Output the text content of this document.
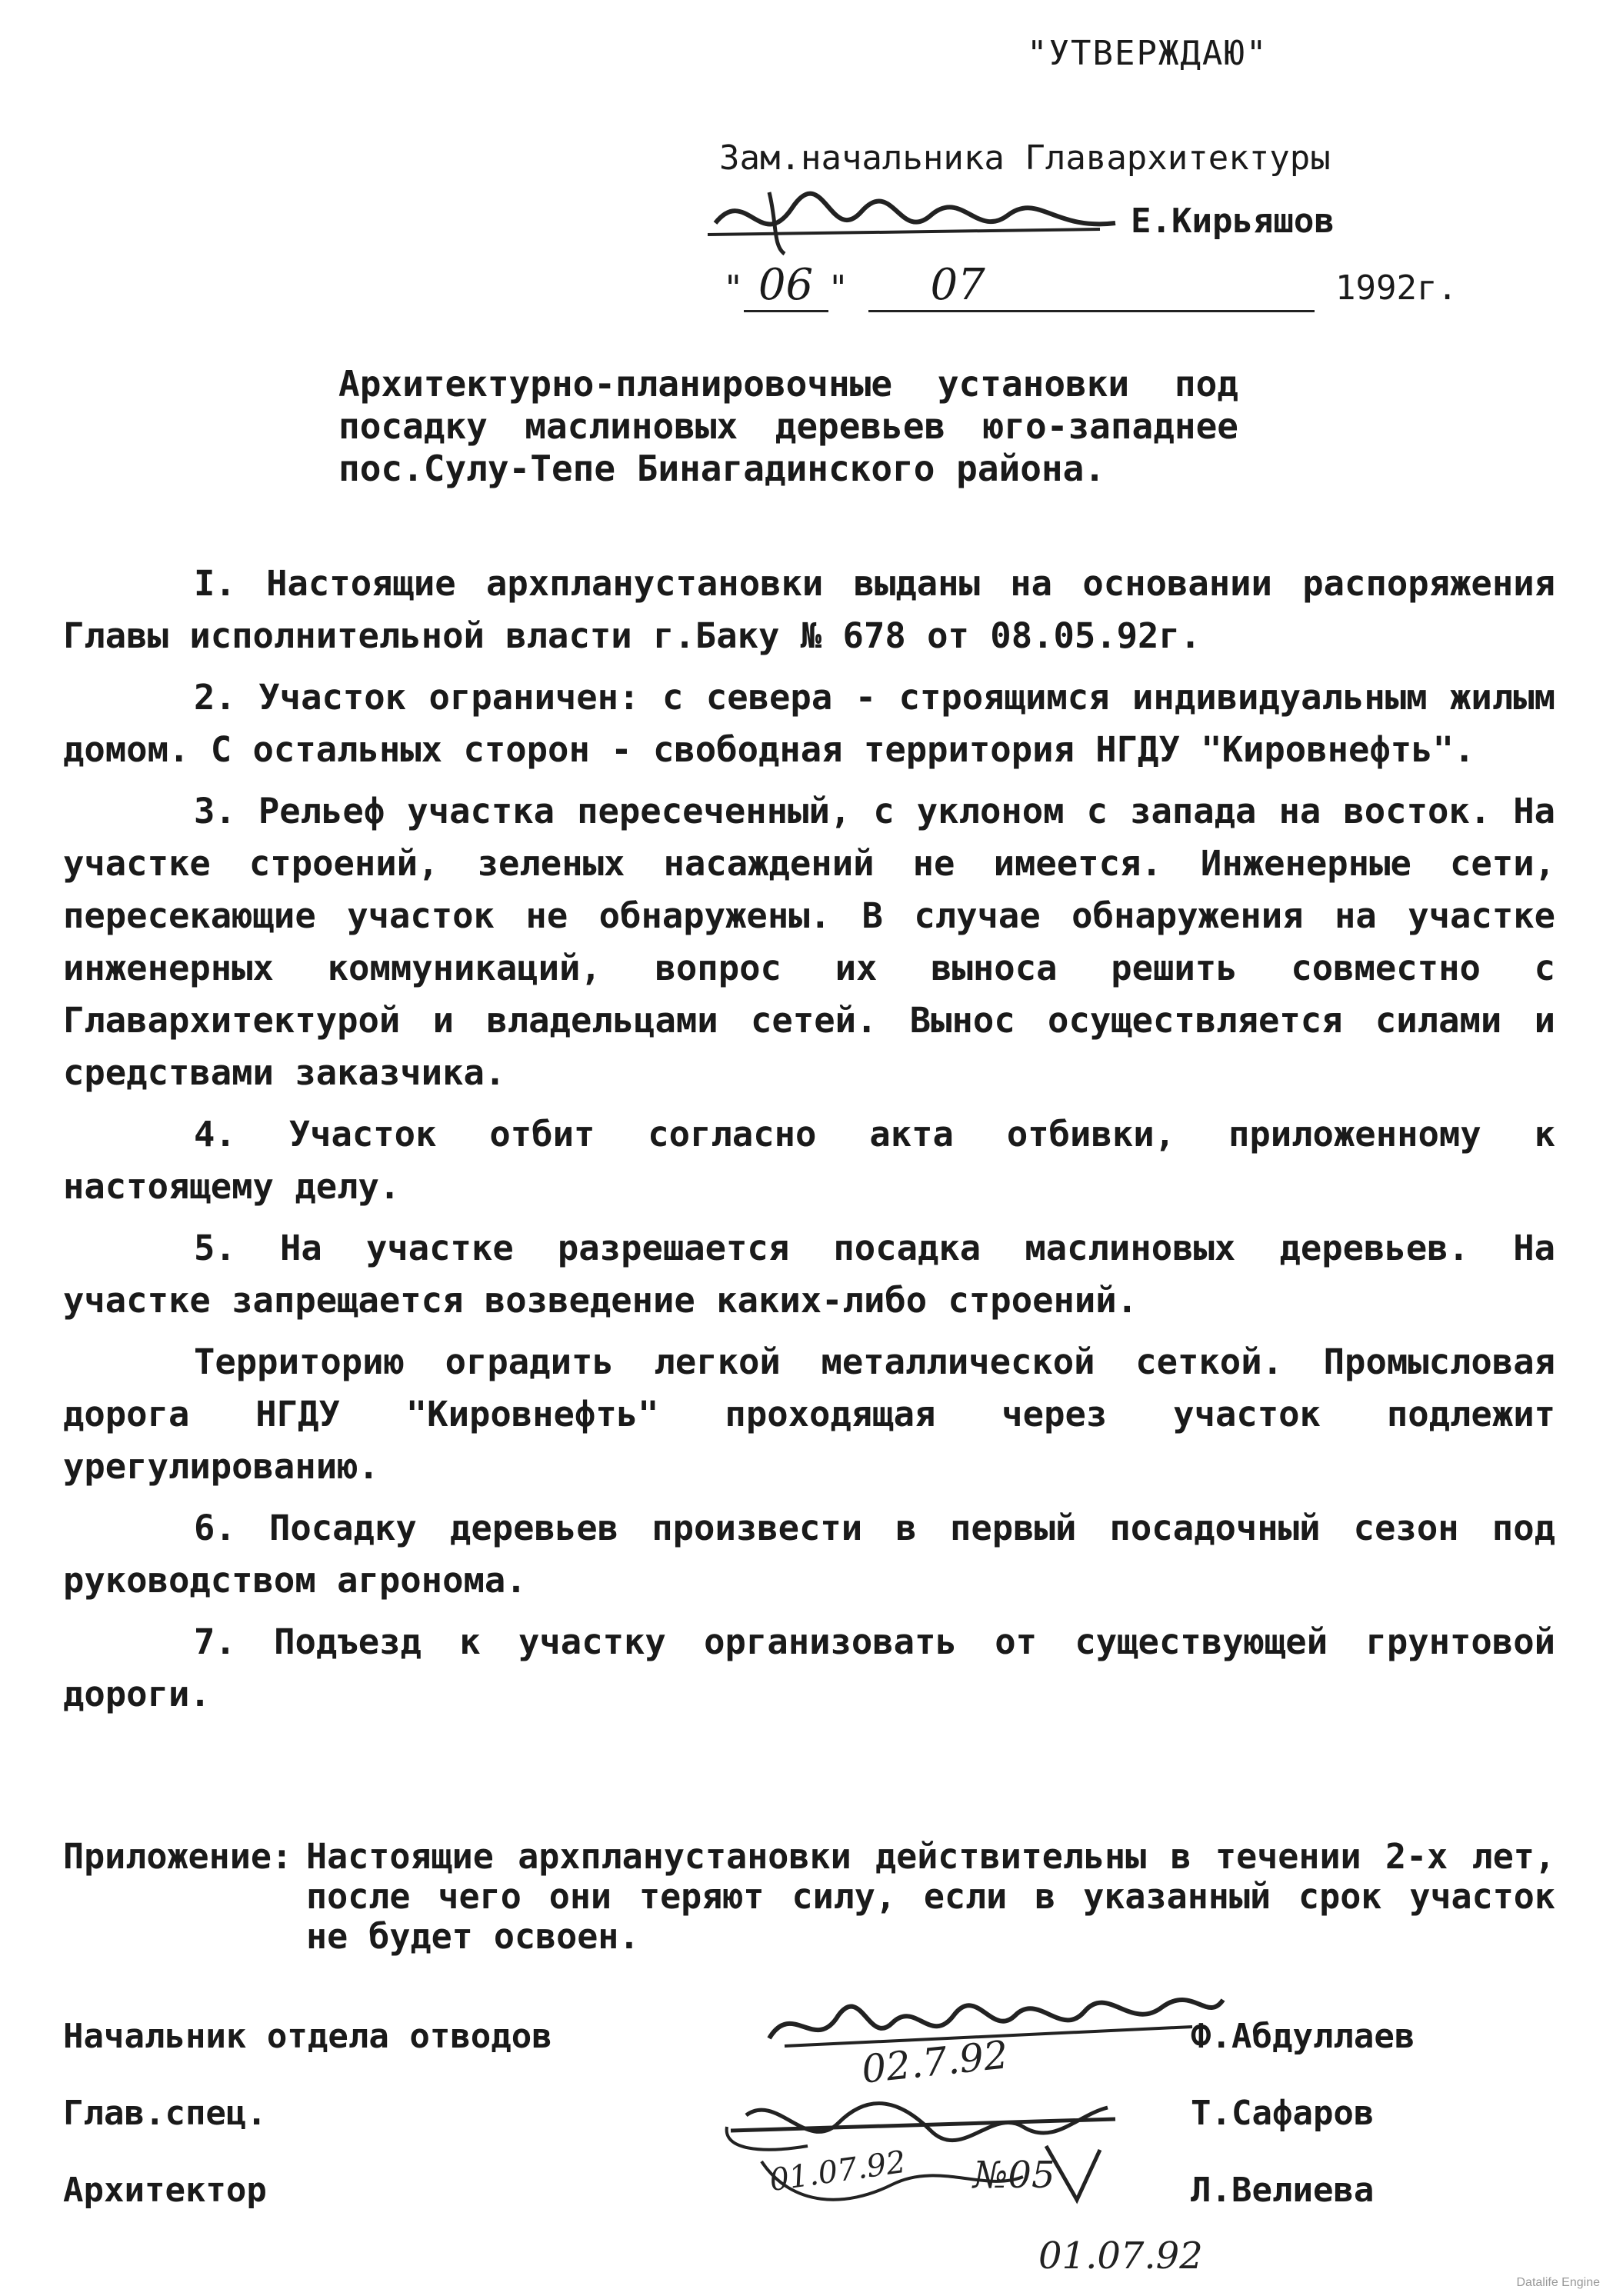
"УТВЕРЖДАЮ"
Зам.начальника Главархитектуры
Е.Кирьяшов
" 06 " 07	1992г.
Архитектурно-планировочные установки под посадку маслиновых деревьев юго-западнее пос.Сулу-Тепе Бинагадинского района.

I. Настоящие архпланустановки выданы на основании распоряжения Главы исполнительной власти г.Баку № 678 от 08.05.92г.

2. Участок ограничен: с севера - строящимся индивидуальным жилым домом. С остальных сторон - свободная территория НГДУ "Кировнефть".

3. Рельеф участка пересеченный, с уклоном с запада на восток. На участке строений, зеленых насаждений не имеется. Инженерные сети, пересекающие участок не обнаружены. В случае обнаружения на участке инженерных коммуникаций, вопрос их выноса решить совместно с Главархитектурой и владельцами сетей. Вынос осуществляется силами и средствами заказчика.

4. Участок отбит согласно акта отбивки, приложенному к настоящему делу.

5. На участке разрешается посадка маслиновых деревьев. На участке запрещается возведение каких-либо строений.

Территорию оградить легкой металлической сеткой. Промысловая дорога НГДУ "Кировнефть" проходящая через участок подлежит урегулированию.

6. Посадку деревьев произвести в первый посадочный сезон под руководством агронома.

7. Подъезд к участку организовать от существующей грунтовой дороги.

Приложение: Настоящие архпланустановки действительны в течении 2-х лет, после чего они теряют силу, если в указанный срок участок не будет освоен.
Начальник отдела отводов	Ф.Абдуллаев
Глав.спец.	Т.Сафаров
Архитектор	Л.Велиева
02.7.92
01.07.92 №05
01.07.92
Datalife Engine
